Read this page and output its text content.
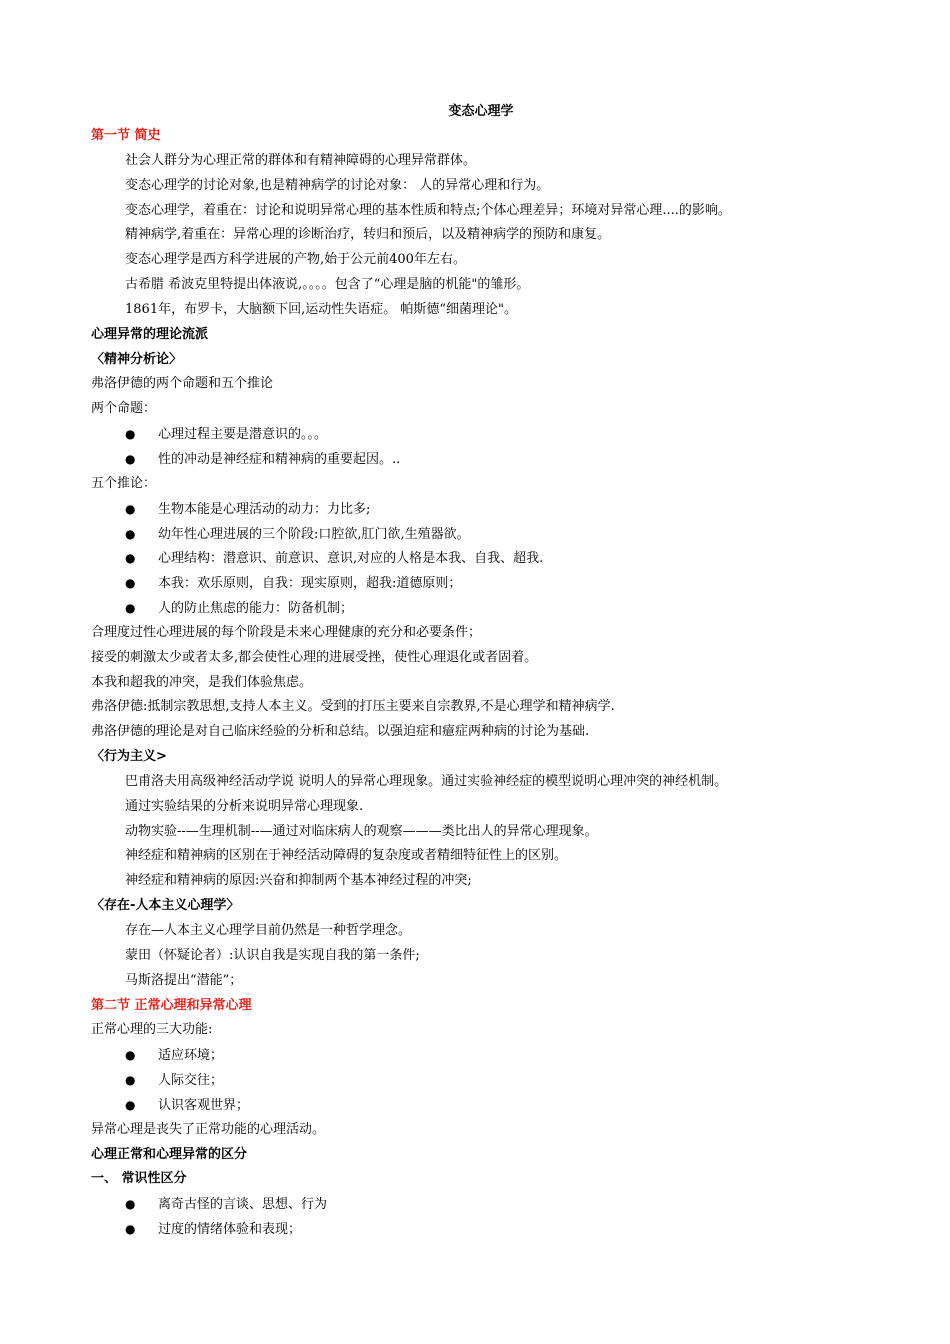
变态心理学
第一节 简史
社会人群分为心理正常的群体和有精神障碍的心理异常群体。
变态心理学的讨论对象,也是精神病学的讨论对象： 人的异常心理和行为。
变态心理学，着重在：讨论和说明异常心理的基本性质和特点;个体心理差异；环境对异常心理....的影响。
精神病学,着重在：异常心理的诊断治疗，转归和预后，以及精神病学的预防和康复。
变态心理学是西方科学进展的产物,始于公元前400年左右。
古希腊 希波克里特提出体液说,。。。。包含了“心理是脑的机能"的雏形。
1861年，布罗卡，大脑额下回,运动性失语症。 帕斯德“细菌理论"。
心理异常的理论流派
〈精神分析论〉
弗洛伊德的两个命题和五个推论
两个命题：
● 心理过程主要是潜意识的。。。
● 性的冲动是神经症和精神病的重要起因。..
五个推论：
● 生物本能是心理活动的动力：力比多;
● 幼年性心理进展的三个阶段:口腔欲,肛门欲,生殖器欲。
● 心理结构：潜意识、前意识、意识,对应的人格是本我、自我、超我.
● 本我：欢乐原则，自我：现实原则，超我:道德原则；
● 人的防止焦虑的能力：防备机制；
合理度过性心理进展的每个阶段是未来心理健康的充分和必要条件；
接受的刺激太少或者太多,都会使性心理的进展受挫，使性心理退化或者固着。
本我和超我的冲突，是我们体验焦虑。
弗洛伊德:抵制宗教思想,支持人本主义。受到的打压主要来自宗教界,不是心理学和精神病学.
弗洛伊德的理论是对自己临床经验的分析和总结。以强迫症和癔症两种病的讨论为基础.
〈行为主义>
巴甫洛夫用高级神经活动学说 说明人的异常心理现象。通过实验神经症的模型说明心理冲突的神经机制。
通过实验结果的分析来说明异常心理现象.
动物实验--—生理机制--—通过对临床病人的观察———类比出人的异常心理现象。
神经症和精神病的区别在于神经活动障碍的复杂度或者精细特征性上的区别。
神经症和精神病的原因:兴奋和抑制两个基本神经过程的冲突;
〈存在-人本主义心理学〉
存在—人本主义心理学目前仍然是一种哲学理念。
蒙田（怀疑论者）:认识自我是实现自我的第一条件;
马斯洛提出“潜能”；
第二节 正常心理和异常心理
正常心理的三大功能:
● 适应环境；
● 人际交往；
● 认识客观世界；
异常心理是丧失了正常功能的心理活动。
心理正常和心理异常的区分
一、 常识性区分
● 离奇古怪的言谈、思想、行为
● 过度的情绪体验和表现；
